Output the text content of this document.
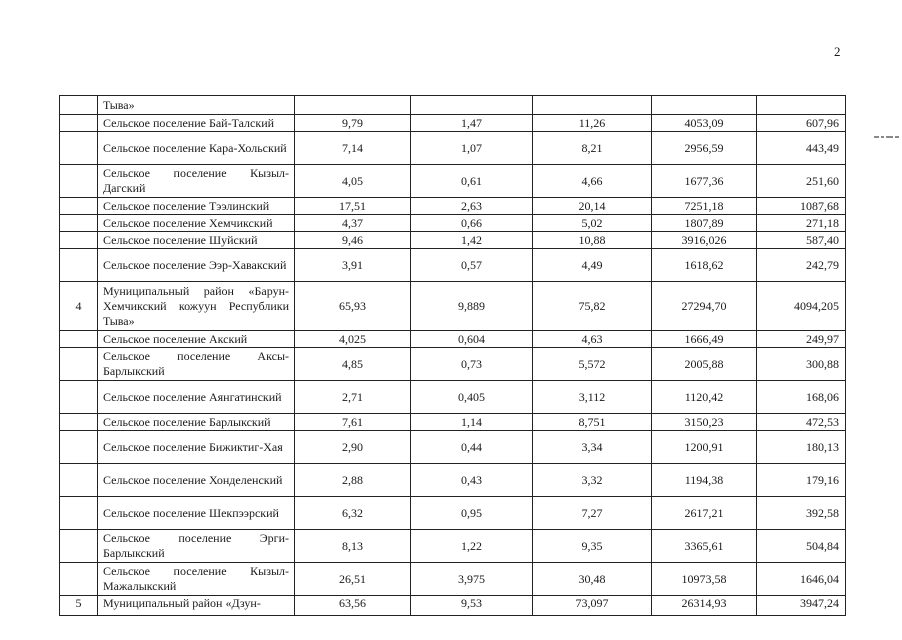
2
	Тыва»					
	Сельское поселение Бай-Талский	9,79	1,47	11,26	4053,09	607,96
	Сельское поселение Кара-Хольский	7,14	1,07	8,21	2956,59	443,49
	Сельское поселение Кызыл-Дагский	4,05	0,61	4,66	1677,36	251,60
	Сельское поселение Тээлинский	17,51	2,63	20,14	7251,18	1087,68
	Сельское поселение Хемчикский	4,37	0,66	5,02	1807,89	271,18
	Сельское поселение Шуйский	9,46	1,42	10,88	3916,026	587,40
	Сельское поселение Ээр-Хавакский	3,91	0,57	4,49	1618,62	242,79
4	Муниципальный район «Барун-Хемчикский кожуун Республики Тыва»	65,93	9,889	75,82	27294,70	4094,205
	Сельское поселение Акский	4,025	0,604	4,63	1666,49	249,97
	Сельское поселение Аксы-Барлыкский	4,85	0,73	5,572	2005,88	300,88
	Сельское поселение Аянгатинский	2,71	0,405	3,112	1120,42	168,06
	Сельское поселение Барлыкский	7,61	1,14	8,751	3150,23	472,53
	Сельское поселение Бижиктиг-Хая	2,90	0,44	3,34	1200,91	180,13
	Сельское поселение Хонделенский	2,88	0,43	3,32	1194,38	179,16
	Сельское поселение Шекпээрский	6,32	0,95	7,27	2617,21	392,58
	Сельское поселение Эрги-Барлыкский	8,13	1,22	9,35	3365,61	504,84
	Сельское поселение Кызыл-Мажалыкский	26,51	3,975	30,48	10973,58	1646,04
5	Муниципальный район «Дзун-	63,56	9,53	73,097	26314,93	3947,24
